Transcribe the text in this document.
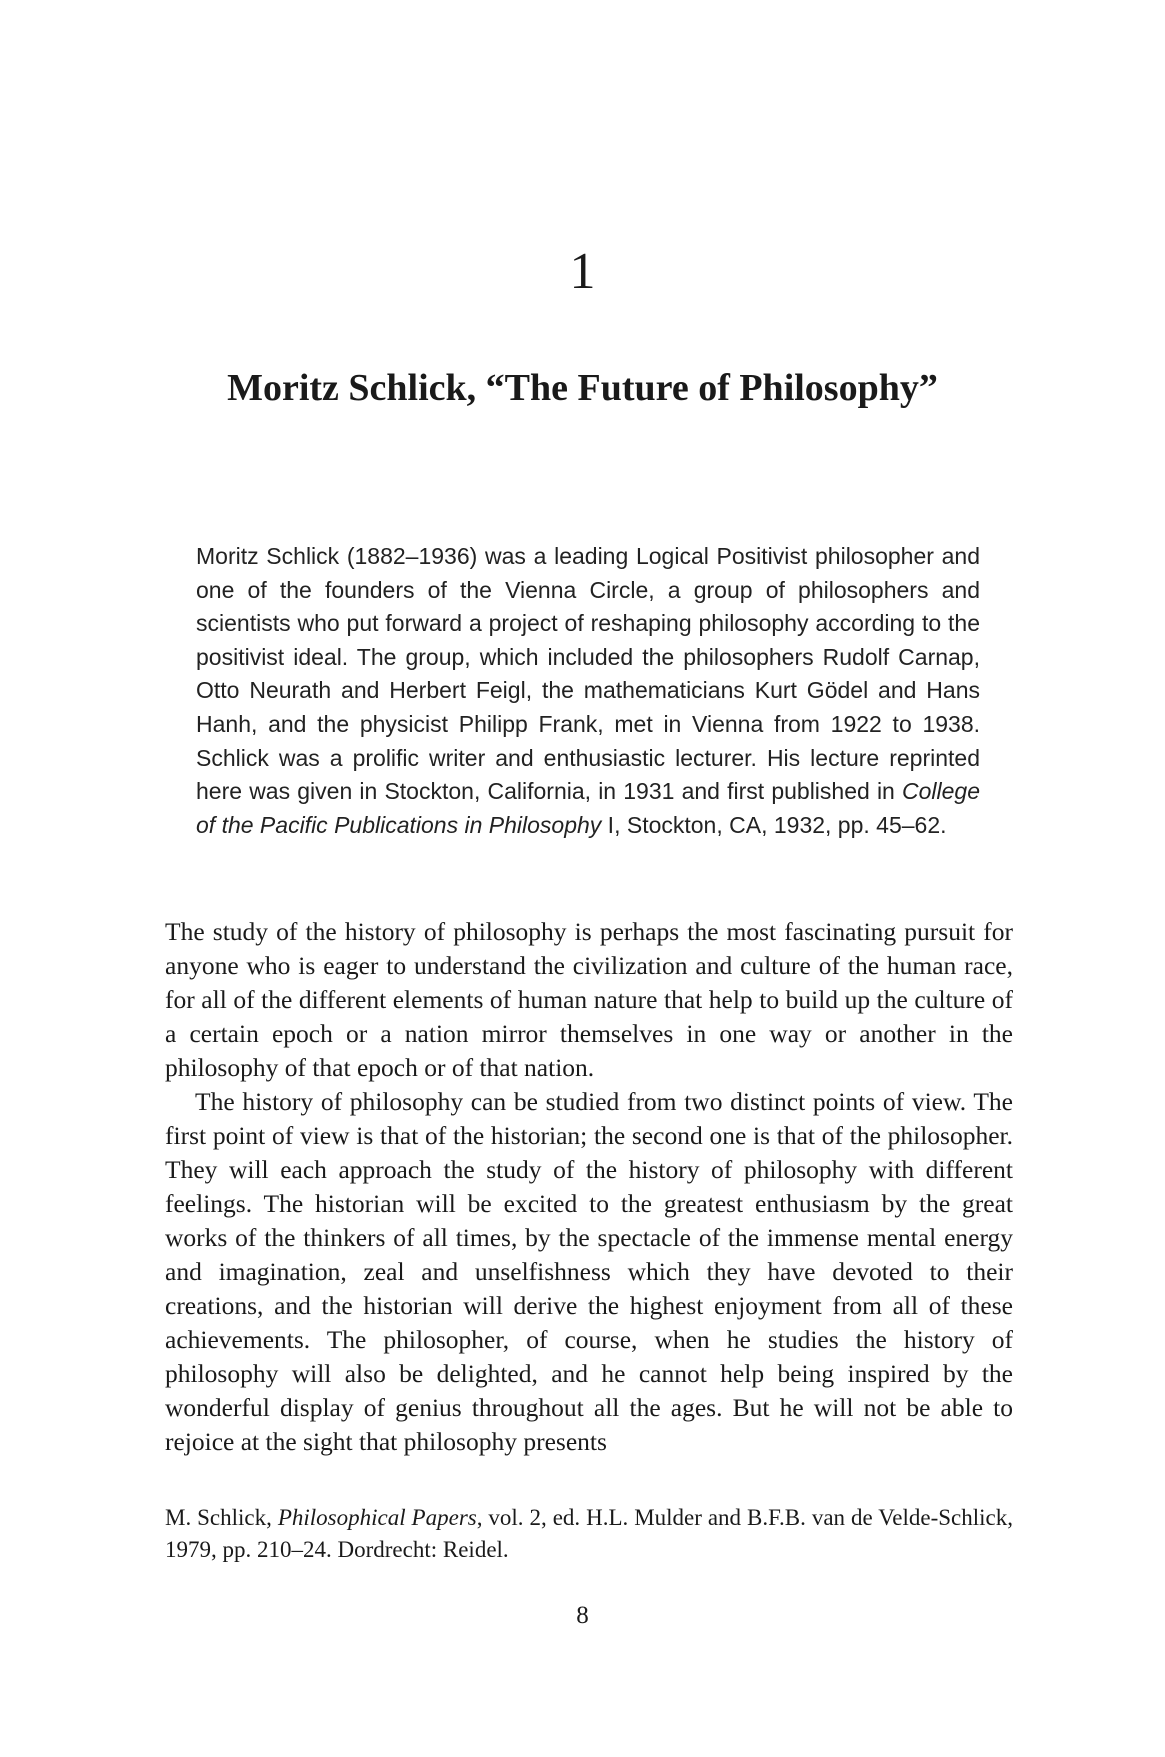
1
Moritz Schlick, “The Future of Philosophy”

Moritz Schlick (1882–1936) was a leading Logical Positivist philosopher and one of the founders of the Vienna Circle, a group of philosophers and scientists who put forward a project of reshaping philosophy according to the positivist ideal. The group, which included the philosophers Rudolf Carnap, Otto Neurath and Herbert Feigl, the mathematicians Kurt Gödel and Hans Hanh, and the physicist Philipp Frank, met in Vienna from 1922 to 1938. Schlick was a prolific writer and enthusiastic lecturer. His lecture reprinted here was given in Stockton, California, in 1931 and first published in College of the Pacific Publications in Philosophy I, Stockton, CA, 1932, pp. 45–62.

The study of the history of philosophy is perhaps the most fascinating pursuit for anyone who is eager to understand the civilization and culture of the human race, for all of the different elements of human nature that help to build up the culture of a certain epoch or a nation mirror themselves in one way or another in the philosophy of that epoch or of that nation.

The history of philosophy can be studied from two distinct points of view. The first point of view is that of the historian; the second one is that of the philosopher. They will each approach the study of the history of philosophy with different feelings. The historian will be excited to the greatest enthusiasm by the great works of the thinkers of all times, by the spectacle of the immense mental energy and imagination, zeal and unselfishness which they have devoted to their creations, and the historian will derive the highest enjoyment from all of these achievements. The philosopher, of course, when he studies the history of philosophy will also be delighted, and he cannot help being inspired by the wonderful display of genius throughout all the ages. But he will not be able to rejoice at the sight that philosophy presents

M. Schlick, Philosophical Papers, vol. 2, ed. H.L. Mulder and B.F.B. van de Velde-Schlick, 1979, pp. 210–24. Dordrecht: Reidel.

8
